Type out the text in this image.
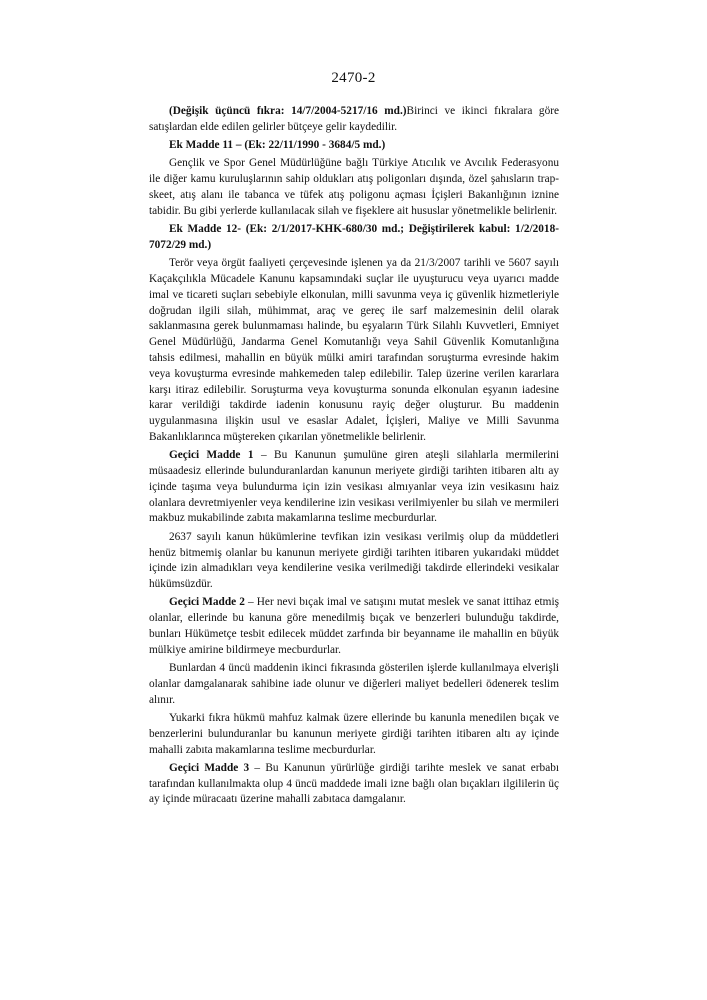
2470-2

(Değişik üçüncü fıkra: 14/7/2004-5217/16 md.)Birinci ve ikinci fıkralara göre satışlardan elde edilen gelirler bütçeye gelir kaydedilir.

Ek Madde 11 – (Ek: 22/11/1990 - 3684/5 md.)

Gençlik ve Spor Genel Müdürlüğüne bağlı Türkiye Atıcılık ve Avcılık Federasyonu ile diğer kamu kuruluşlarının sahip oldukları atış poligonları dışında, özel şahısların trap-skeet, atış alanı ile tabanca ve tüfek atış poligonu açması İçişleri Bakanlığının iznine tabidir. Bu gibi yerlerde kullanılacak silah ve fişeklere ait hususlar yönetmelikle belirlenir.

Ek Madde 12- (Ek: 2/1/2017-KHK-680/30 md.; Değiştirilerek kabul: 1/2/2018-7072/29 md.)

Terör veya örgüt faaliyeti çerçevesinde işlenen ya da 21/3/2007 tarihli ve 5607 sayılı Kaçakçılıkla Mücadele Kanunu kapsamındaki suçlar ile uyuşturucu veya uyarıcı madde imal ve ticareti suçları sebebiyle elkonulan, milli savunma veya iç güvenlik hizmetleriyle doğrudan ilgili silah, mühimmat, araç ve gereç ile sarf malzemesinin delil olarak saklanmasına gerek bulunmaması halinde, bu eşyaların Türk Silahlı Kuvvetleri, Emniyet Genel Müdürlüğü, Jandarma Genel Komutanlığı veya Sahil Güvenlik Komutanlığına tahsis edilmesi, mahallin en büyük mülki amiri tarafından soruşturma evresinde hakim veya kovuşturma evresinde mahkemeden talep edilebilir. Talep üzerine verilen kararlara karşı itiraz edilebilir. Soruşturma veya kovuşturma sonunda elkonulan eşyanın iadesine karar verildiği takdirde iadenin konusunu rayiç değer oluşturur. Bu maddenin uygulanmasına ilişkin usul ve esaslar Adalet, İçişleri, Maliye ve Milli Savunma Bakanlıklarınca müştereken çıkarılan yönetmelikle belirlenir.

Geçici Madde 1 – Bu Kanunun şumulüne giren ateşli silahlarla mermilerini müsaadesiz ellerinde bulunduranlardan kanunun meriyete girdiği tarihten itibaren altı ay içinde taşıma veya bulundurma için izin vesikası almıyanlar veya izin vesikasını haiz olanlara devretmiyenler veya kendilerine izin vesikası verilmiyenler bu silah ve mermileri makbuz mukabilinde zabıta makamlarına teslime mecburdurlar.

2637 sayılı kanun hükümlerine tevfikan izin vesikası verilmiş olup da müddetleri henüz bitmemiş olanlar bu kanunun meriyete girdiği tarihten itibaren yukarıdaki müddet içinde izin almadıkları veya kendilerine vesika verilmediği takdirde ellerindeki vesikalar hükümsüzdür.

Geçici Madde 2 – Her nevi bıçak imal ve satışını mutat meslek ve sanat ittihaz etmiş olanlar, ellerinde bu kanuna göre menedilmiş bıçak ve benzerleri bulunduğu takdirde, bunları Hükümetçe tesbit edilecek müddet zarfında bir beyanname ile mahallin en büyük mülkiye amirine bildirmeye mecburdurlar.

Bunlardan 4 üncü maddenin ikinci fıkrasında gösterilen işlerde kullanılmaya elverişli olanlar damgalanarak sahibine iade olunur ve diğerleri maliyet bedelleri ödenerek teslim alınır.

Yukarki fıkra hükmü mahfuz kalmak üzere ellerinde bu kanunla menedilen bıçak ve benzerlerini bulunduranlar bu kanunun meriyete girdiği tarihten itibaren altı ay içinde mahalli zabıta makamlarına teslime mecburdurlar.

Geçici Madde 3 – Bu Kanunun yürürlüğe girdiği tarihte meslek ve sanat erbabı tarafından kullanılmakta olup 4 üncü maddede imali izne bağlı olan bıçakları ilgililerin üç ay içinde müracaatı üzerine mahalli zabıtaca damgalanır.
